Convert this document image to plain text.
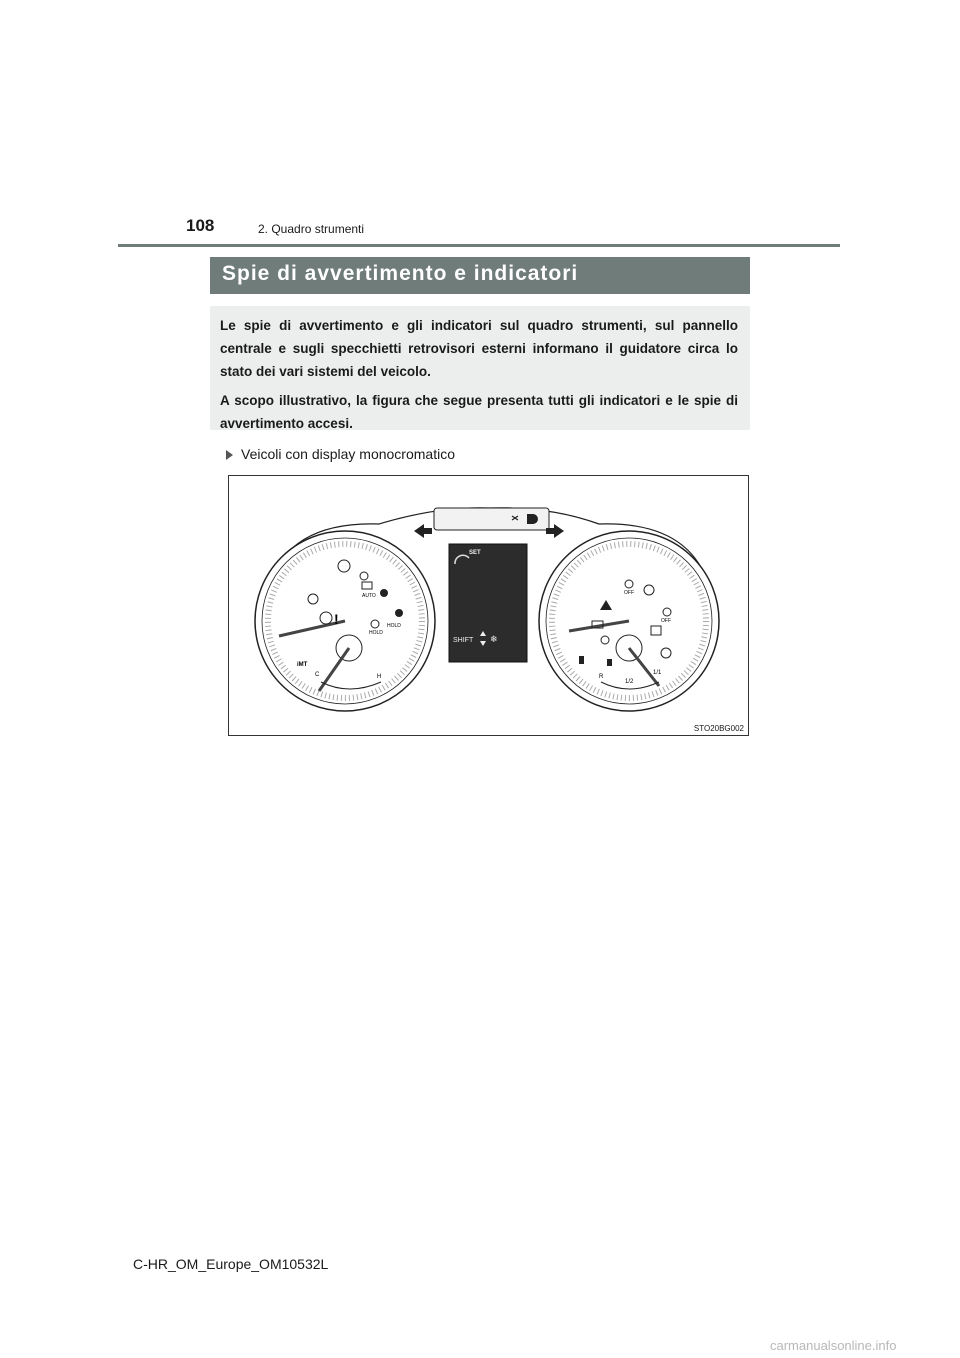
108	2. Quadro strumenti
Spie di avvertimento e indicatori

Le spie di avvertimento e gli indicatori sul quadro strumenti, sul pannello centrale e sugli specchietti retrovisori esterni informano il guidatore circa lo stato dei vari sistemi del veicolo.

A scopo illustrativo, la figura che segue presenta tutti gli indicatori e le spie di avvertimento accesi.

Veicoli con display monocromatico
!
AUTO
HOLD
HOLD
iMT
C	H
SET
SHIFT ❄
OFF
OFF
R
1/2
1/1
STO20BG002
C-HR_OM_Europe_OM10532L
carmanualsonline.info
